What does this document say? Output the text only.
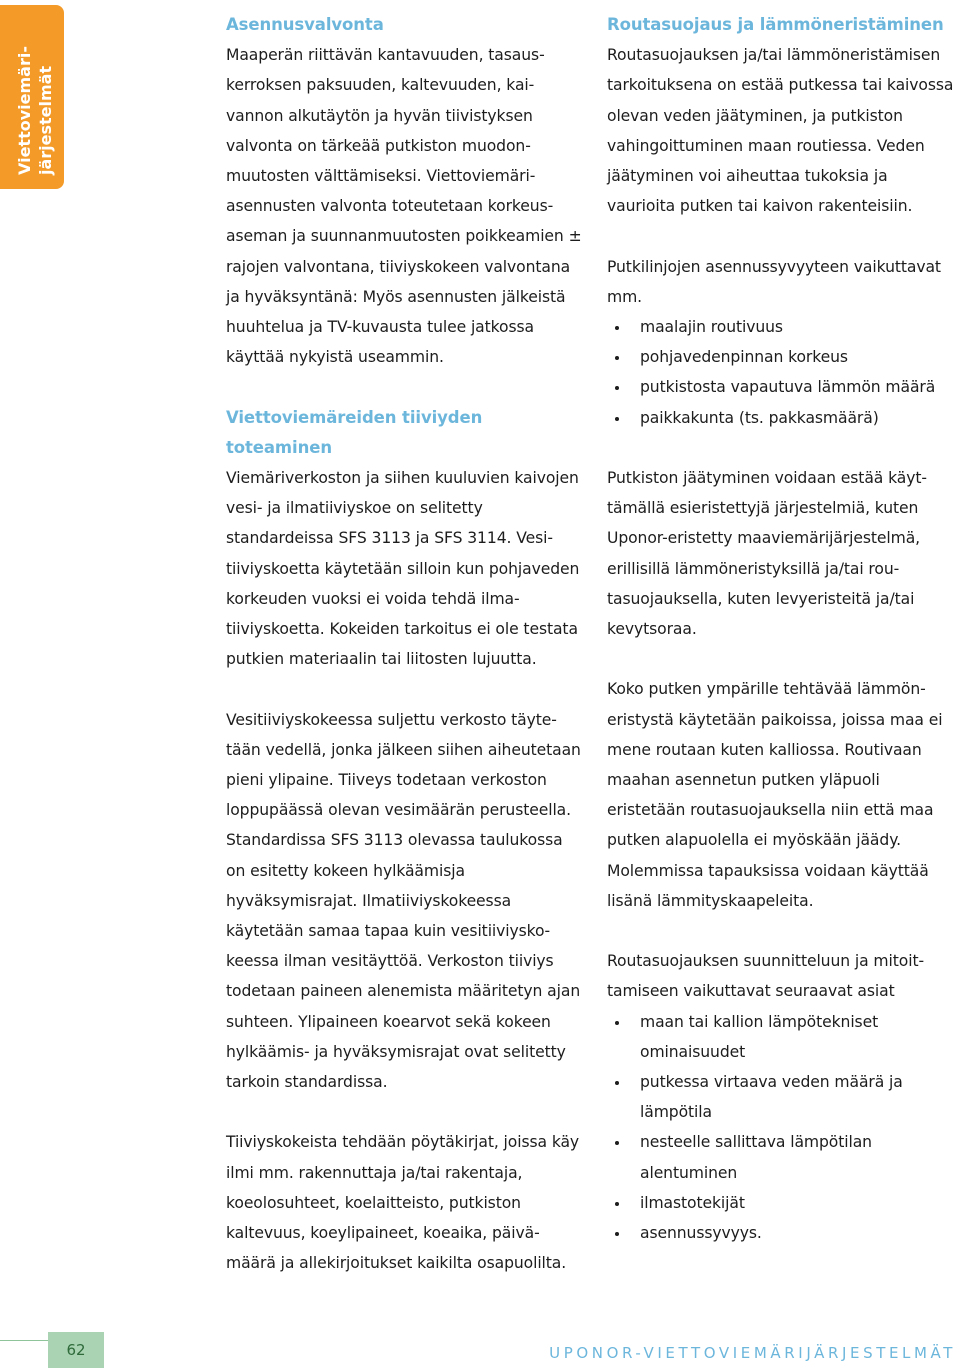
Viettoviemäri-
järjestelmät
Asennusvalvonta
Maaperän riittävän kantavuuden, tasauskerroksen paksuuden, kaltevuuden, kaivannon alkutäytön ja hyvän tiivistyksen valvonta on tärkeää putkiston muodonmuutosten välttämiseksi. Viettoviemäriasennusten valvonta toteutetaan korkeusaseman ja suunnanmuutosten poikkeamien ± rajojen valvontana, tiiviyskokeen valvontana ja hyväksyntänä: Myös asennusten jälkeistä huuhtelua ja TV-kuvausta tulee jatkossa käyttää nykyistä useammin.
Viettoviemäreiden tiiviyden toteaminen
Viemäriverkoston ja siihen kuuluvien kaivojen vesi- ja ilmatiiviyskoe on selitetty standardeissa SFS 3113 ja SFS 3114. Vesitiiviyskoetta käytetään silloin kun pohjaveden korkeuden vuoksi ei voida tehdä ilmatiiviyskoetta. Kokeiden tarkoitus ei ole testata putkien materiaalin tai liitosten lujuutta.
Vesitiiviyskokeessa suljettu verkosto täytetään vedellä, jonka jälkeen siihen aiheutetaan pieni ylipaine. Tiiveys todetaan verkoston loppupäässä olevan vesimäärän perusteella. Standardissa SFS 3113 olevassa taulukossa on esitetty kokeen hylkäämisja hyväksymisrajat. Ilmatiiviyskokeessa käytetään samaa tapaa kuin vesitiiviyskokeessa ilman vesitäyttöä. Verkoston tiiviys todetaan paineen alenemista määritetyn ajan suhteen. Ylipaineen koearvot sekä kokeen hylkäämis- ja hyväksymisrajat ovat selitetty tarkoin standardissa.
Tiiviyskokeista tehdään pöytäkirjat, joissa käy ilmi mm. rakennuttaja ja/tai rakentaja, koeolosuhteet, koelaitteisto, putkiston kaltevuus, koeylipaineet, koeaika, päivämäärä ja allekirjoitukset kaikilta osapuolilta.
Routasuojaus ja lämmöneristäminen
Routasuojauksen ja/tai lämmöneristämisen tarkoituksena on estää putkessa tai kaivossa olevan veden jäätyminen, ja putkiston vahingoittuminen maan routiessa. Veden jäätyminen voi aiheuttaa tukoksia ja vaurioita putken tai kaivon rakenteisiin.
Putkilinjojen asennussyvyyteen vaikuttavat mm.
maalajin routivuus
pohjavedenpinnan korkeus
putkistosta vapautuva lämmön määrä
paikkakunta (ts. pakkasmäärä)
Putkiston jäätyminen voidaan estää käyttämällä esieristettyjä järjestelmiä, kuten Uponor-eristetty maaviemärijärjestelmä, erillisillä lämmöneristyksillä ja/tai routasuojauksella, kuten levyeristeitä ja/tai kevytsoraa.
Koko putken ympärille tehtävää lämmöneristystä käytetään paikoissa, joissa maa ei mene routaan kuten kalliossa. Routivaan maahan asennetun putken yläpuoli eristetään routasuojauksella niin että maa putken alapuolella ei myöskään jäädy. Molemmissa tapauksissa voidaan käyttää lisänä lämmityskaapeleita.
Routasuojauksen suunnitteluun ja mitoittamiseen vaikuttavat seuraavat asiat
maan tai kallion lämpötekniset ominaisuudet
putkessa virtaava veden määrä ja lämpötila
nesteelle sallittava lämpötilan alentuminen
ilmastotekijät
asennussyvyys.
62	UPONOR-VIETTOVIEMÄRIJÄRJESTELMÄT
